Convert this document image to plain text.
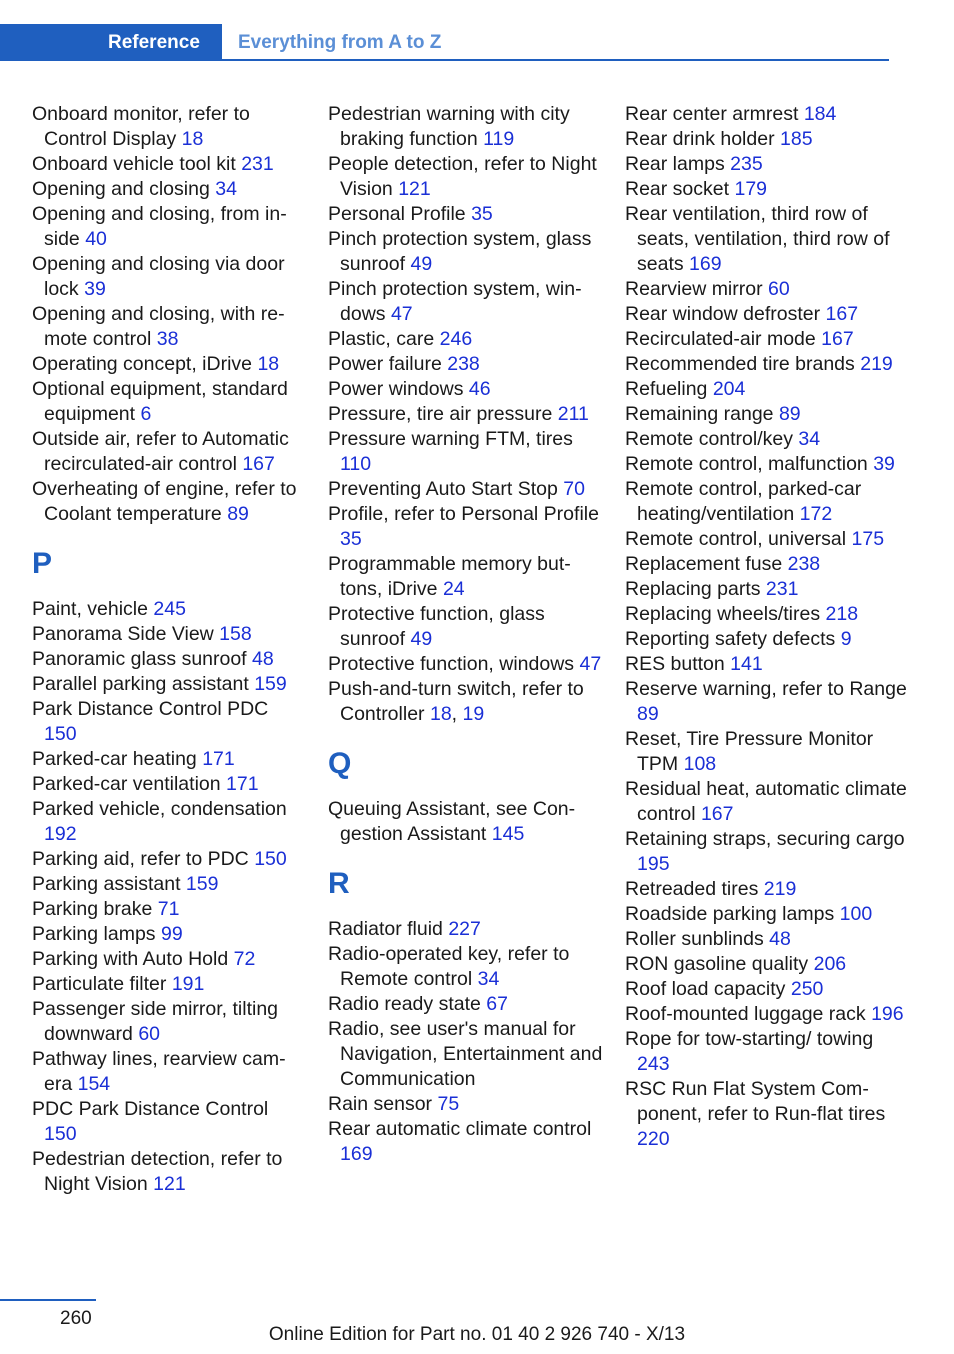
Reference	Everything from A to Z
Onboard monitor, refer to Control Display 18
Onboard vehicle tool kit 231
Opening and closing 34
Opening and closing, from inside 40
Opening and closing via door lock 39
Opening and closing, with remote control 38
Operating concept, iDrive 18
Optional equipment, standard equipment 6
Outside air, refer to Automatic recirculated-air control 167
Overheating of engine, refer to Coolant temperature 89
P
Paint, vehicle 245
Panorama Side View 158
Panoramic glass sunroof 48
Parallel parking assistant 159
Park Distance Control PDC 150
Parked-car heating 171
Parked-car ventilation 171
Parked vehicle, condensation 192
Parking aid, refer to PDC 150
Parking assistant 159
Parking brake 71
Parking lamps 99
Parking with Auto Hold 72
Particulate filter 191
Passenger side mirror, tilting downward 60
Pathway lines, rearview camera 154
PDC Park Distance Control 150
Pedestrian detection, refer to Night Vision 121
Pedestrian warning with city braking function 119
People detection, refer to Night Vision 121
Personal Profile 35
Pinch protection system, glass sunroof 49
Pinch protection system, windows 47
Plastic, care 246
Power failure 238
Power windows 46
Pressure, tire air pressure 211
Pressure warning FTM, tires 110
Preventing Auto Start Stop 70
Profile, refer to Personal Profile 35
Programmable memory buttons, iDrive 24
Protective function, glass sunroof 49
Protective function, windows 47
Push-and-turn switch, refer to Controller 18, 19
Q
Queuing Assistant, see Congestion Assistant 145
R
Radiator fluid 227
Radio-operated key, refer to Remote control 34
Radio ready state 67
Radio, see user's manual for Navigation, Entertainment and Communication
Rain sensor 75
Rear automatic climate control 169
Rear center armrest 184
Rear drink holder 185
Rear lamps 235
Rear socket 179
Rear ventilation, third row of seats, ventilation, third row of seats 169
Rearview mirror 60
Rear window defroster 167
Recirculated-air mode 167
Recommended tire brands 219
Refueling 204
Remaining range 89
Remote control/key 34
Remote control, malfunction 39
Remote control, parked-car heating/ventilation 172
Remote control, universal 175
Replacement fuse 238
Replacing parts 231
Replacing wheels/tires 218
Reporting safety defects 9
RES button 141
Reserve warning, refer to Range 89
Reset, Tire Pressure Monitor TPM 108
Residual heat, automatic climate control 167
Retaining straps, securing cargo 195
Retreaded tires 219
Roadside parking lamps 100
Roller sunblinds 48
RON gasoline quality 206
Roof load capacity 250
Roof-mounted luggage rack 196
Rope for tow-starting/ towing 243
RSC Run Flat System Component, refer to Run-flat tires 220
260
Online Edition for Part no. 01 40 2 926 740 - X/13
